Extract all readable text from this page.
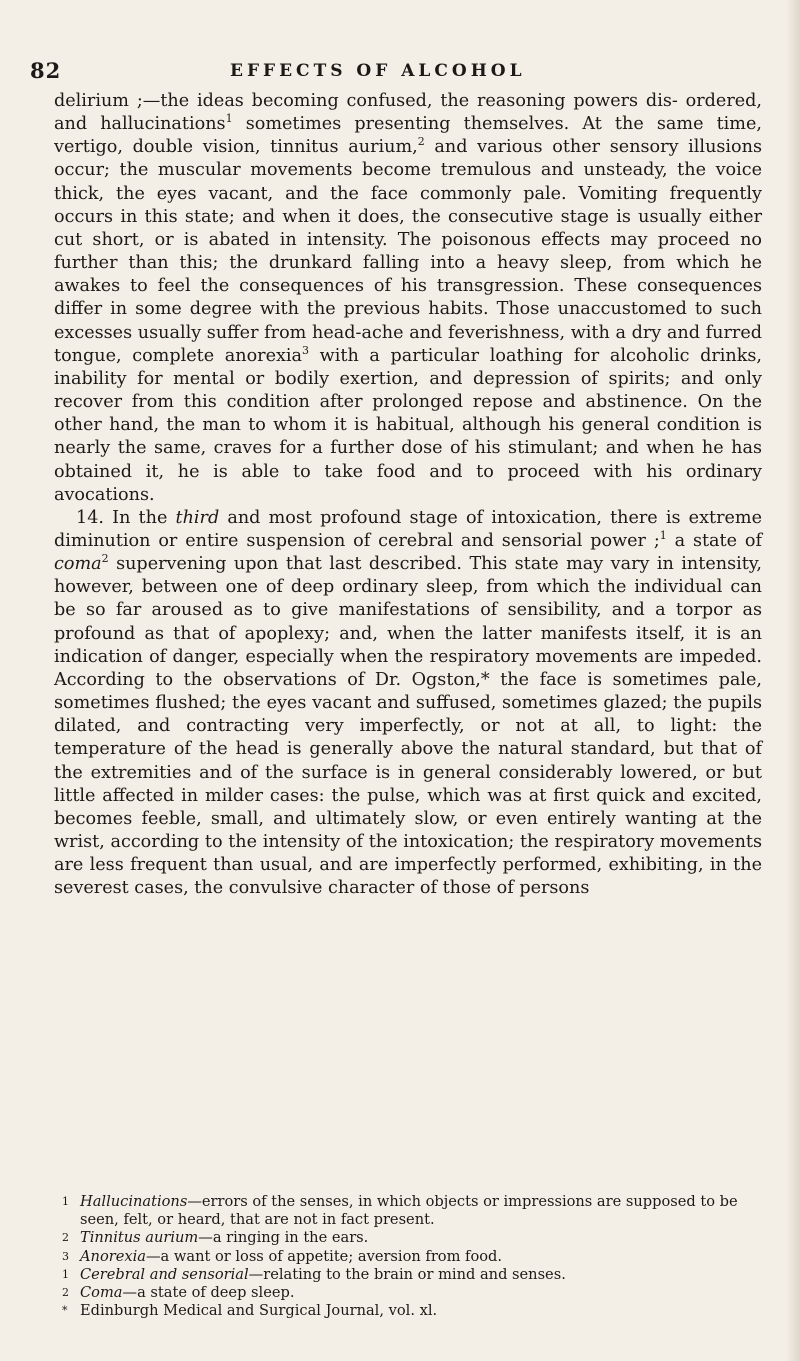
82	EFFECTS OF ALCOHOL

delirium ;—the ideas becoming confused, the reasoning powers dis- ordered, and hallucinations$^1$ sometimes presenting themselves. At the same time, vertigo, double vision, tinnitus aurium,$^2$ and various other sensory illusions occur; the muscular movements become tremulous and unsteady, the voice thick, the eyes vacant, and the face commonly pale. Vomiting frequently occurs in this state; and when it does, the consecutive stage is usually either cut short, or is abated in intensity. The poisonous effects may proceed no further than this; the drunkard falling into a heavy sleep, from which he awakes to feel the consequences of his transgression. These consequences differ in some degree with the previous habits. Those unaccustomed to such excesses usually suffer from head-ache and feverishness, with a dry and furred tongue, complete anorexia$^3$ with a particular loathing for alcoholic drinks, inability for mental or bodily exertion, and depression of spirits; and only recover from this condition after prolonged repose and abstinence. On the other hand, the man to whom it is habitual, although his general condition is nearly the same, craves for a further dose of his stimulant; and when he has obtained it, he is able to take food and to proceed with his ordinary avocations.

14. In the third and most profound stage of intoxication, there is extreme diminution or entire suspension of cerebral and sensorial power ;$^1$ a state of coma$^2$ supervening upon that last described. This state may vary in intensity, however, between one of deep ordinary sleep, from which the individual can be so far aroused as to give manifestations of sensibility, and a torpor as profound as that of apoplexy; and, when the latter manifests itself, it is an indication of danger, especially when the respiratory movements are impeded. According to the observations of Dr. Ogston,* the face is sometimes pale, sometimes flushed; the eyes vacant and suffused, sometimes glazed; the pupils dilated, and contracting very imperfectly, or not at all, to light: the temperature of the head is generally above the natural standard, but that of the extremities and of the surface is in general considerably lowered, or but little affected in milder cases: the pulse, which was at first quick and excited, becomes feeble, small, and ultimately slow, or even entirely wanting at the wrist, according to the intensity of the intoxication; the respiratory movements are less frequent than usual, and are imperfectly performed, exhibiting, in the severest cases, the convulsive character of those of persons

1 Hallucinations—errors of the senses, in which objects or impressions are supposed to be seen, felt, or heard, that are not in fact present.

2 Tinnitus aurium—a ringing in the ears.

3 Anorexia—a want or loss of appetite; aversion from food.

1 Cerebral and sensorial—relating to the brain or mind and senses.

2 Coma—a state of deep sleep.

* Edinburgh Medical and Surgical Journal, vol. xl.
